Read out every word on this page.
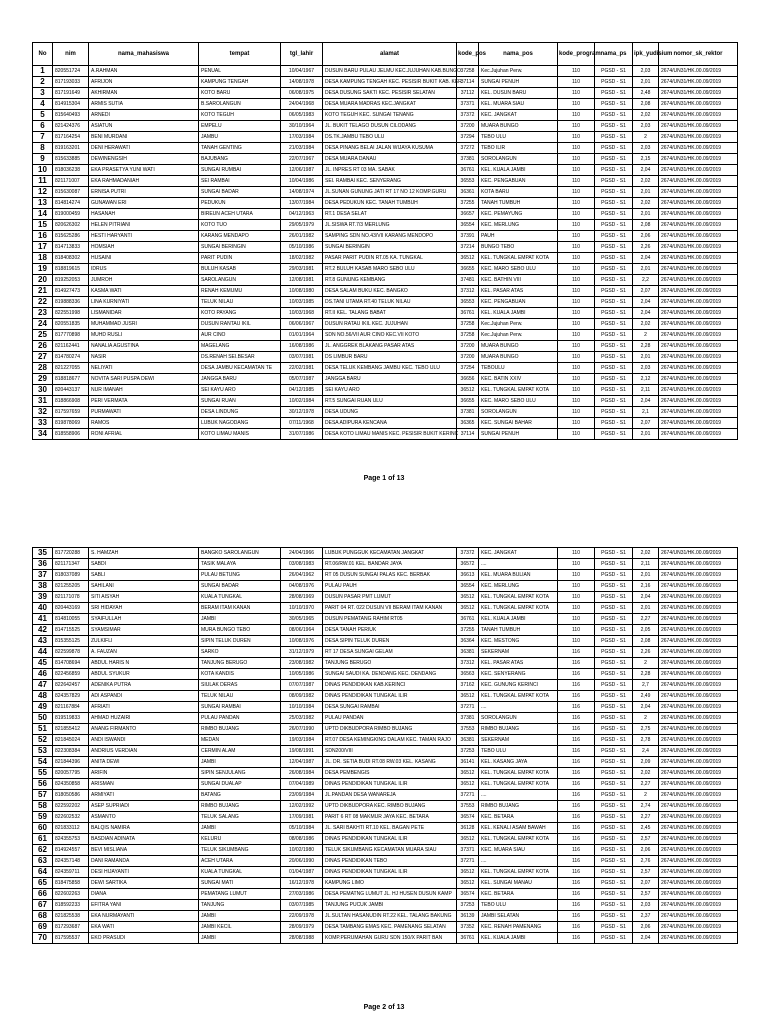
No	nim	nama_mahasiswa	tempat	tgl_lahir	alamat	kode_pos	nama_pos	kode_program	nama_ps	ipk_yudisium	nomor_sk_rektor
1	820551724	A.RAHMAN	PENUAL	10/04/1967	DUSUN BARU PULAU JELMU KEC.JUJUHAN KAB.BUNGO	37258	Kec.Jujuhan Perw.	110	PGSD - S1	2,03	2674/UN31/HK.00.09/2019
2	817193033	AFRIJON	KAMPUNG TENGAH	14/08/1978	DESA KAMPUNG TENGAH KEC. PESISIR BUKIT KAB. KER	37114	SUNGAI PENUH	110	PGSD - S1	2,01	2674/UN31/HK.00.09/2019
3	817191649	AKHIRMAN	KOTO BARU	06/08/1975	DESA DUSUNG SAKTI KEC. PESISIR SELATAN	37112	KEL. DUSUN BARU	110	PGSD - S1	2,48	2674/UN31/HK.00.09/2019
4	814915304	ARMIS SUTIA	B.SAROLANGUN	24/04/1968	DESA MUARA MADRAS KEC.JANGKAT	37371	KEL. MUARA SIAU	110	PGSD - S1	2,08	2674/UN31/HK.00.09/2019
5	815640493	ARNEDI	KOTO TEGUH	06/05/1983	KOTO TEGUH KEC. SUNGAI TENANG	37372	KEC. JANGKAT	110	PGSD - S1	2,02	2674/UN31/HK.00.09/2019
6	821424376	ASIATUN	EMPELU	30/10/1964	JL. BUKIT TELAGO DUSUN CILODANG	37200	MUARA BUNGO	110	PGSD - S1	2,03	2674/UN31/HK.00.09/2019
7	817164254	BENI MURDANI	JAMBU	17/03/1984	DS.TK.JAMBU TEBO ULU	37294	TEBO ULU	110	PGSD - S1	2	2674/UN31/HK.00.09/2019
8	819163201	DENI HERAWATI	TANAH GENTING	21/03/1984	DESA PINANG BELAI JALAN WIJAYA KUSUMA	37272	TEBO ILIR	110	PGSD - S1	2,03	2674/UN31/HK.00.09/2019
9	815633885	DEWINENGSIH	BAJUBANG	22/07/1967	DESA MUARA DANAU	37381	SOROLANGUN	110	PGSD - S1	2,15	2674/UN31/HK.00.09/2019
10	818036238	EKA PRASETYA YUNI WATI	SUNGAI RUMBAI	12/06/1987	JL. INPRES RT 03 MA. SABAK	36761	KEL. KUALA JAMBI	110	PGSD - S1	2,04	2674/UN31/HK.00.09/2019
11	821171007	EKA RAHMADANIAH	SEI RAMBAI	10/04/1986	SEI. RAMBAI KEC. SENYERANG	36553	KEC. PENGABUAN	110	PGSD - S1	2,02	2674/UN31/HK.00.09/2019
12	815630087	ERNISA PUTRI	SUNGAI BADAR	14/08/1974	JL.SUNAN GUNUNG JATI RT 17 NO 12 KOMP.GURU	36361	KOTA BARU	110	PGSD - S1	2,01	2674/UN31/HK.00.09/2019
13	814814274	GUNAWAN ERI	PEDUKUN	13/07/1984	DESA PEDUKUN KEC. TANAH TUMBUH	37255	TANAH TUMBUH	110	PGSD - S1	2,02	2674/UN31/HK.00.09/2019
14	819000459	HASANAH	BIREUN ACEH UTARA	04/12/1963	RT.1 DESA SELAT	36657	KEC. PEMAYUNG	110	PGSD - S1	2,01	2674/UN31/HK.00.09/2019
15	820626302	HELEN PITRIANI	KOTO TUO	29/05/1979	JL.SISWA RT.7/3 MERLUNG	36554	KEC. MERLUNG	110	PGSD - S1	2,08	2674/UN31/HK.00.09/2019
16	815625286	HESTI HARYANTI	KARANG MENDAPO	26/01/1982	SAMPING SDN NO.43/VII KARANG MENDOPO	37391	PAUH	110	PGSD - S1	2,06	2674/UN31/HK.00.09/2019
17	814713833	HOMSIAH	SUNGAI BERINGIN	05/10/1986	SUNGAI BERINGIN	37214	BUNGO TEBO	110	PGSD - S1	2,26	2674/UN31/HK.00.09/2019
18	818408302	HUSAINI	PARIT PUDIN	18/02/1982	PASAR PARIT PUDIN RT.05 KA. TUNGKAL	36512	KEL. TUNGKAL EMPAT KOTA	110	PGSD - S1	2,04	2674/UN31/HK.00.09/2019
19	818819615	IDRUS	BULUH KASAB	29/03/1981	RT.2 BULUH KASAB MARO SEBO ULU	36655	KEC. MARO SEBO ULU	110	PGSD - S1	2,01	2674/UN31/HK.00.09/2019
20	819252053	JUMROH	SAROLANGUN	12/08/1981	RT.8 GUNUNG KEMBANG	37481	KEC. BATHIN VIII	110	PGSD - S1	2,2	2674/UN31/HK.00.09/2019
21	814927473	KASMA WATI	RENAH KEMUMU	10/08/1980	DESA SALAM BUKU KEC. BANGKO	37312	KEL. PASAR ATAS	110	PGSD - S1	2,07	2674/UN31/HK.00.09/2019
22	819888336	LINA KURNIYATI	TELUK NILAU	10/03/1985	DS.TANI UTAMA RT.40 TELUK NILAU	36553	KEC. PENGABUAN	110	PGSD - S1	2,04	2674/UN31/HK.00.09/2019
23	822551998	LISMANIDAR	KOTO PAYANG	10/03/1968	RT.II KEL. TALANG BABAT	36761	KEL. KUALA JAMBI	110	PGSD - S1	2,04	2674/UN31/HK.00.09/2019
24	820551835	MUHAMMAD JUSRI	DUSUN RANTAU IKIL	06/06/1967	DUSUN RATAU IKIL KEC. JUJUHAN	37258	Kec.Jujuhan Perw.	110	PGSD - S1	2,02	2674/UN31/HK.00.09/2019
25	817770898	MUHD RUSLI	AUR CINO	01/01/1964	SDN NO.56/VII AUR CINO KEC.VII KOTO	37258	Kec.Jujuhan Perw.	110	PGSD - S1	2	2674/UN31/HK.00.09/2019
26	821162441	NANALIA AGUSTINA	MAGELANG	16/08/1986	JL. ANGGREK BLAKANG PASAR ATAS	37200	MUARA BUNGO	110	PGSD - S1	2,28	2674/UN31/HK.00.09/2019
27	814780274	NASIR	DS.RENAH SEI.BESAR	03/07/1981	DS LIMBUR BARU	37200	MUARA BUNGO	110	PGSD - S1	2,01	2674/UN31/HK.00.09/2019
28	821227055	NELIYATI	DESA JAMBU KECAMATAN TE	22/02/1981	DESA TELUK KEMBANG JAMBU KEC. TEBO ULU	37254	TEBOULU	110	PGSD - S1	2,03	2674/UN31/HK.00.09/2019
29	818818677	NOVITA SARI PUSPA DEWI	JANGGA BARU	05/07/1987	JANGGA BARU	36656	KEC. BATIN XXIV	110	PGSD - S1	2,12	2674/UN31/HK.00.09/2019
30	820443137	NUR IMANAH	SEI KAYU ARO	04/12/1985	SEI KAYU ARO	36512	KEL. TUNGKAL EMPAT KOTA	110	PGSD - S1	2,11	2674/UN31/HK.00.09/2019
31	818866908	PERI VERMATA	SUNGAI RUAN	10/02/1984	RT.5 SUNGAI RUAN ULU	36655	KEC. MARO SEBO ULU	110	PGSD - S1	2,04	2674/UN31/HK.00.09/2019
32	817597659	PURMAWATI	DESA LINDUNG	30/12/1978	DESA UDUNG	37381	SOROLANGUN	110	PGSD - S1	2,1	2674/UN31/HK.00.09/2019
33	819878069	RAMOS	LUBUK NAGODANG	07/11/1968	DESA ADIPURA KENCANA	36365	KEC. SUNGAI BAHAR	110	PGSD - S1	2,07	2674/UN31/HK.00.09/2019
34	818558906	RONI AFRIAL	KOTO LIMAU MANIS	31/07/1986	DESA KOTO LIMAU MANIS KEC. PESISIR BUKIT KERINC	37114	SUNGAI PENUH	110	PGSD - S1	2,01	2674/UN31/HK.00.09/2019
Page 1 of 13
35	817720288	S. HAMZAH	BANGKO SAROLANGUN	24/04/1966	LUBUK PUNGGUK KECAMATAN JANGKAT	37372	KEC. JANGKAT	110	PGSD - S1	2,02	2674/UN31/HK.00.09/2019
36	821171347	SABDI	TASIK MALAYA	03/08/1983	RT.06/RW.01 KEL. BANDAR JAYA	36572	....	110	PGSD - S1	2,11	2674/UN31/HK.00.09/2019
37	818037089	SABLI	PULAU BETUNG	26/04/1962	RT 05 DUSUN SUNGAI PALAS KEC. BERBAK	36613	KEL. MUARA BULIAN	110	PGSD - S1	2,01	2674/UN31/HK.00.09/2019
38	821255205	SAHILANI	SUNGAI BADAR	04/08/1976	PULAU PAUH	36554	KEC. MERLUNG	110	PGSD - S1	2,16	2674/UN31/HK.00.09/2019
39	821171078	SITI AISYAH	KUALA TUNGKAL	28/08/1969	DUSUN PASAR PMT LUMUT	36512	KEL. TUNGKAL EMPAT KOTA	110	PGSD - S1	2,04	2674/UN31/HK.00.09/2019
40	820443169	SRI HIDAYAH	BERAM ITAM KANAN	10/10/1970	PARIT 04 RT. 022 DUSUN VII BERAM ITAM KANAN	36512	KEL. TUNGKAL EMPAT KOTA	110	PGSD - S1	2,01	2674/UN31/HK.00.09/2019
41	814810055	SYAIFULLAH	JAMBI	30/05/1965	DUSUN PEMATANG RAHIM RT05	36761	KEL. KUALA JAMBI	110	PGSD - S1	2,27	2674/UN31/HK.00.09/2019
42	814715525	SYAMSIMAR	MURA BUNGO TEBO	08/06/1964	DESA TANAH PERIUK	37255	TANAH TUMBUH	110	PGSD - S1	2,05	2674/UN31/HK.00.09/2019
43	815355125	ZULKIFLI	SIPIN TELUK DUREN	10/08/1976	DESA SIPIN TELUK DUREN	36364	KEC. MESTONG	110	PGSD - S1	2,08	2674/UN31/HK.00.09/2019
44	822599878	A. FAUZAN	SARKO	31/12/1979	RT 17 DESA SUNGAI GELAM	36381	SEKERNAM	116	PGSD - S1	2,26	2674/UN31/HK.00.09/2019
45	814708694	ABDUL HARIS N	TANJUNG BERUGO	23/08/1982	TANJUNG BERUGO	37312	KEL. PASAR ATAS	116	PGSD - S1	2	2674/UN31/HK.00.09/2019
46	822456859	ABDUL SYUKUR	KOTA KANDIS	10/05/1986	SUNGAI SAUDI KA. DENDANG KEC. DENDANG	36563	KEC. SENYERANG	116	PGSD - S1	2,28	2674/UN31/HK.00.09/2019
47	822642457	ADENIKA PUTRA	SIULAK DERAS	07/07/1987	DINAS PENDIDIKAN KAB.KERINCI	37162	KEC. GUNUNG KERINCI	116	PGSD - S1	2,7	2674/UN31/HK.00.09/2019
48	824357829	ADI ASPANDI	TELUK NILAU	08/09/1982	DINAS PENDIDIKAN TUNGKAL ILIR	36512	KEL. TUNGKAL EMPAT KOTA	116	PGSD - S1	2,49	2674/UN31/HK.00.09/2019
49	821167884	AFRIATI	SUNGAI RAMBAI	10/10/1984	DESA SUNGAI RAMBAI	37271	....	116	PGSD - S1	2,04	2674/UN31/HK.00.09/2019
50	819519833	AHMAD HUZAIRI	PULAU PANDAN	25/03/1982	PULAU PANDAN	37381	SOROLANGUN	116	PGSD - S1	2	2674/UN31/HK.00.09/2019
51	821855412	ANANG FIRMANTO	RIMBO BUJANG	26/07/1990	UPTD DIKBUDPORA RIMBO BUJANG	37553	RIMBO BUJANG	116	PGSD - S1	2,75	2674/UN31/HK.00.09/2019
52	821845024	ANDI ISWANDI	MEDAN	19/03/1984	RT.07 DESA KEMINGKING DALAM KEC. TAMAN RAJO	36381	SEKERNAM	116	PGSD - S1	2,78	2674/UN31/HK.00.09/2019
53	822308384	ANDRIUS VERDIAN	CERMIN ALAM	19/08/1991	SDN200/VIII	37253	TEBO ULU	116	PGSD - S1	2,4	2674/UN31/HK.00.09/2019
54	821844396	ANITA DEWI	JAMBI	12/04/1987	JL. DR. SETIA BUDI RT.08 RW.03 KEL. KASANG	36141	KEL. KASANG JAYA	116	PGSD - S1	2,09	2674/UN31/HK.00.09/2019
55	820057795	ARIFIN	SIPIN SENJULANG	26/08/1984	DESA PEMBENGIS	36512	KEL. TUNGKAL EMPAT KOTA	116	PGSD - S1	2,02	2674/UN31/HK.00.09/2019
56	824350858	ARISMAN	SUNGAI DUALAP	07/04/1989	DINAS PENDIDIKAN TUNGKAL ILIR	36512	KEL. TUNGKAL EMPAT KOTA	116	PGSD - S1	2,27	2674/UN31/HK.00.09/2019
57	818050586	ARMIYATI	BATANG	23/09/1984	JL.PANDAN DESA WANAREJA	37271	....	116	PGSD - S1	2	2674/UN31/HK.00.09/2019
58	822592202	ASEP SUPRIADI	RIMBO BUJANG	12/02/1992	UPTD DIKBUDPORA KEC. RIMBO BUJANG	37553	RIMBO BUJANG	116	PGSD - S1	2,74	2674/UN31/HK.00.09/2019
59	822602532	ASMANTO	TELUK SALANG	17/09/1981	PARIT 6 RT 08 MAKMUR JAYA KEC. BETARA	36574	KEC. BETARA	116	PGSD - S1	2,27	2674/UN31/HK.00.09/2019
60	821833112	BALQIS NAMIRA	JAMBI	05/10/1984	JL. SARI BAKHTI RT.10 KEL. BAGAN PETE	36128	KEL. KENALI ASAM BAWAH	116	PGSD - S1	2,45	2674/UN31/HK.00.09/2019
61	824355753	BASDIAN ADINATA	KELURU	08/08/1986	DINAS PENDIDIKAN TUNGKAL ILIR	36512	KEL. TUNGKAL EMPAT KOTA	116	PGSD - S1	2,57	2674/UN31/HK.00.09/2019
62	814924557	BEVI MISLIANA	TELUK SIKUMBANG	10/02/1980	TELUK SIKUMBANG KECAMATAN MUARA SIAU	37371	KEC. MUARA SIAU	116	PGSD - S1	2,06	2674/UN31/HK.00.09/2019
63	824357148	DANI RAMANDA	ACEH UTARA	20/06/1990	DINAS PENDIDIKAN TEBO	37271	....	116	PGSD - S1	2,76	2674/UN31/HK.00.09/2019
64	824359711	DESI HIJAYANTI	KUALA TUNGKAL	01/04/1987	DINAS PENDIDIKAN TUNGKAL ILIR	36512	KEL. TUNGKAL EMPAT KOTA	116	PGSD - S1	2,57	2674/UN31/HK.00.09/2019
65	818475858	DEWI SARTIKA	SUNGAI MATI	16/12/1978	KAMPUNG LIMO	36512	KEL. SUNGAI MANAU	116	PGSD - S1	2,07	2674/UN31/HK.00.09/2019
66	822602263	DIANA	PEMATANG LUMUT	27/03/1986	DESA PEMATNG LUMUT JL. HJ HUSEN DUSUN KAMP	36574	KEC. BETARA	116	PGSD - S1	2,57	2674/UN31/HK.00.09/2019
67	818592233	EFITRA YANI	TANJUNG	03/07/1985	TANJUNG PUCUK JAMBI	37253	TEBO ULU	116	PGSD - S1	2,03	2674/UN31/HK.00.09/2019
68	821825538	EKA NURMAYANTI	JAMBI	22/09/1978	JL.SULTAN HASANUDIN RT.22 KEL. TALANG BAKUNG	36139	JAMBI SELATAN	116	PGSD - S1	2,37	2674/UN31/HK.00.09/2019
69	817293687	EKA WATI	JAMBI KECIL	28/09/1979	DESA TAMBANG EMAS KEC. PAMENANG SELATAN	37352	KEC. RENAH PAMENANG	116	PGSD - S1	2,06	2674/UN31/HK.00.09/2019
70	817595537	EKO PRASUDI	JAMBI	28/08/1988	KOMP.PERUMAHAN GURU SDN 150/X PARIT BAN	36761	KEL. KUALA JAMBI	116	PGSD - S1	2,04	2674/UN31/HK.00.09/2019
Page 2 of 13
